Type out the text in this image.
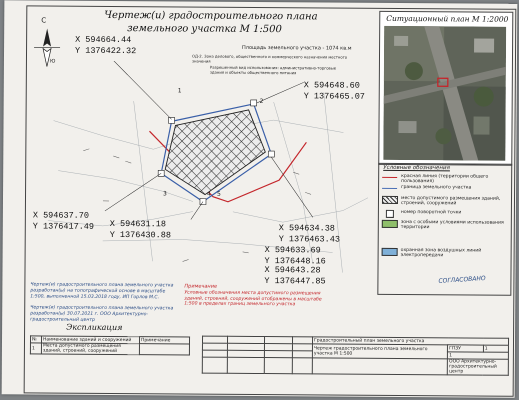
С
Ю
Чертеж(и) градостроительного плана
земельного участка М 1:500
Площадь земельного участка - 1074 кв.м
ОД-2. Зона делового, общественного и коммерческого назначения местного значения
Разрешенный вид использования: административно-торговые здания и объекты общественного питания
3	4 5
1
2
X 594664.44
Y 1376422.32
X 594648.60
Y 1376465.07
X 594637.70
Y 1376417.49 X 594631.18
Y 1376430.88
X 594634.38
Y 1376463.43
X 594633.69
Y 1376448.16
X 594643.28
Y 1376447.85
Чертеж(и) градостроительного плана земельного участка разработан(ы) на топографической основе в масштабе 1:500, выполненной 15.03.2018 году, ИП Горлов М.С.
Чертеж(и) градостроительного плана земельного участка разработан(ы) 30.07.2021 г. ООО Архитектурно-градостроительный центр
Примечание
Условные обозначения места допустимого размещения зданий, строений, сооружений отображены в масштабе 1:500 в пределах границ земельного участка
Ситуационный план М 1:2000
Условные обозначения
красная линия (территории общего пользования)
граница земельного участка
место допустимого размещения зданий, строений, сооружений
номер поворотной точки
зона с особыми условиями использования территории
охранная зона воздушных линий электропередачи
СОГЛАСОВАНО
Экспликация
№	Наименование зданий и сооружений	Примечание
1	Места допустимого размещения зданий, строений, сооружений	
				Градостроительный план земельного участка		
				Чертеж градостроительного плана земельного участка М 1:500	ГПЗУ	1
					1	
					ООО Архитектурно-градостроительный центр	
